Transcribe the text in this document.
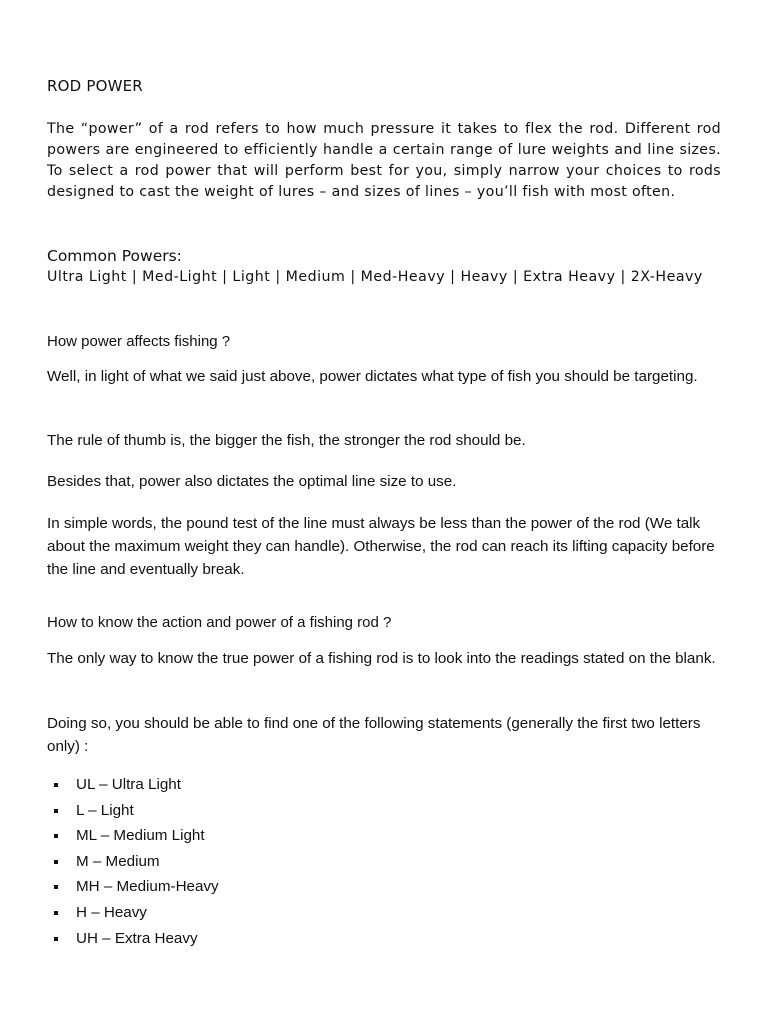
ROD POWER

The “power” of a rod refers to how much pressure it takes to flex the rod. Different rod powers are engineered to efficiently handle a certain range of lure weights and line sizes. To select a rod power that will perform best for you, simply narrow your choices to rods designed to cast the weight of lures – and sizes of lines – you’ll fish with most often.

Common Powers:

Ultra Light | Med-Light | Light | Medium | Med-Heavy | Heavy | Extra Heavy | 2X-Heavy

How power affects fishing ?

Well, in light of what we said just above, power dictates what type of fish you should be targeting.

The rule of thumb is, the bigger the fish, the stronger the rod should be.

Besides that, power also dictates the optimal line size to use.

In simple words, the pound test of the line must always be less than the power of the rod (We talk about the maximum weight they can handle). Otherwise, the rod can reach its lifting capacity before the line and eventually break.

How to know the action and power of a fishing rod ?

The only way to know the true power of a fishing rod is to look into the readings stated on the blank.

Doing so, you should be able to find one of the following statements (generally the first two letters only) :

UL – Ultra Light
L – Light
ML – Medium Light
M – Medium
MH – Medium-Heavy
H – Heavy
UH – Extra Heavy
